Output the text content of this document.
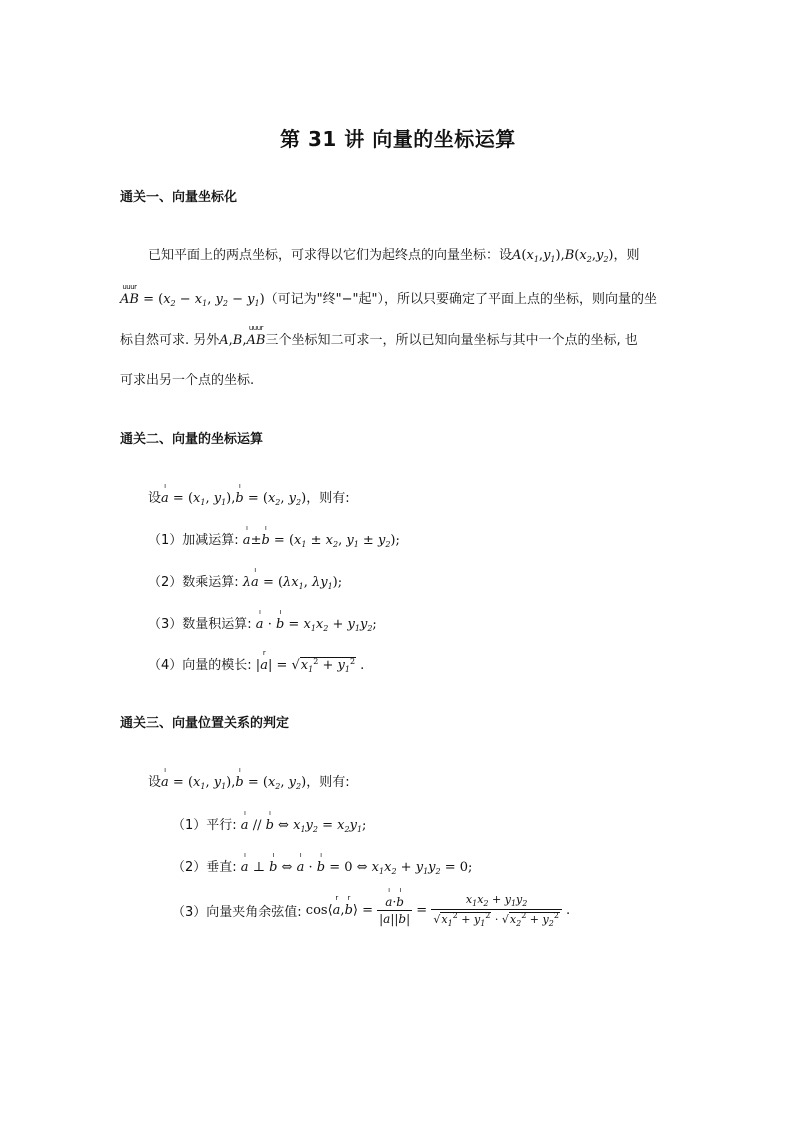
第 31 讲 向量的坐标运算
通关一、向量坐标化
已知平面上的两点坐标，可求得以它们为起终点的向量坐标：设$A(x_1,y_1),B(x_2,y_2)$，则
AB
uuur
= ($x_2 - x_1$, $y_2 - y_1$)（可记为"终"−"起"），所以只要确定了平面上点的坐标，则向量的坐
标自然可求. 另外A,B,AB
uuur
三个坐标知二可求一，所以已知向量坐标与其中一个点的坐标, 也
可求出另一个点的坐标.
通关二、向量的坐标运算
设a
ı
= ($x_1$, $y_1),b$
ı
= ($x_2$, $y_2$)，则有:
（1）加减运算: a
ı
±b
ı
= ($x_1 \pm x_2$, $y_1 \pm y_2$);
（2）数乘运算: λa
ı
= ($\lambda x_1$, $\lambda y_1$);
（3）数量积运算: a
ı
· b
ı
= $x_1x_2 + y_1y_2$;
（4）向量的模长: |a
r
| = $√x_1^2 + y_1^2$ .
通关三、向量位置关系的判定
设a
ı
= ($x_1$, $y_1),b$
ı
= ($x_2$, $y_2$)，则有:
（1）平行: a
ı
// b
ı
⇔ $x_1y_2 = x_2y_1$;
（2）垂直: a
ı
⊥ b
ı
⇔ a
ı
· b
ı
= 0 ⇔ $x_1x_2 + y_1y_2 = 0$;
（3）向量夹角余弦值: cos⟨a
r
,b
r
⟩ = a
ı
·b
ı
$|a||b| = \frac{x_1x_2 + y_1y_2}{√x_1^2 + y_1^2 \cdot √x_2^2 + y_2^2}$ .
